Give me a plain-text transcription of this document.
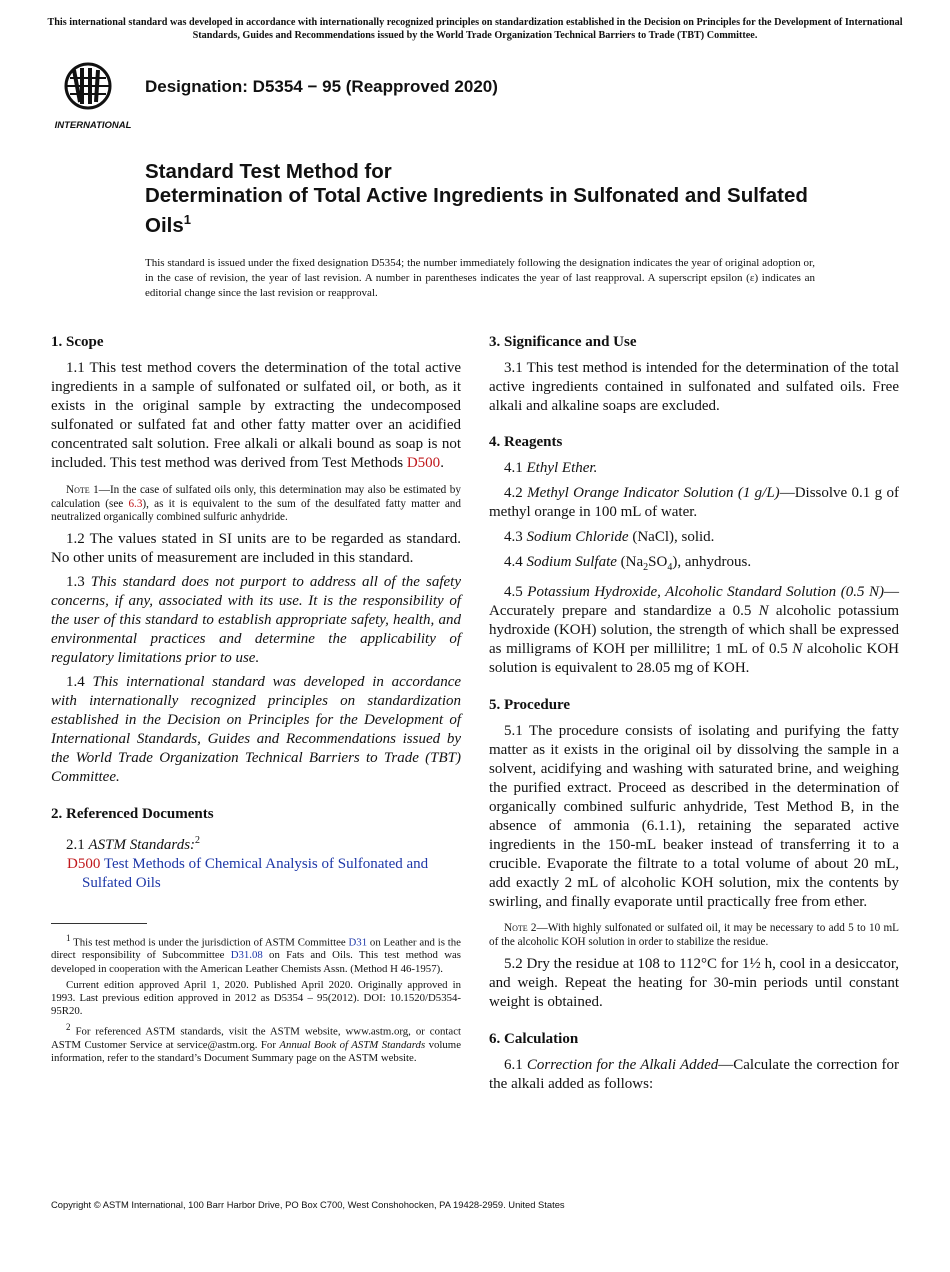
This international standard was developed in accordance with internationally recognized principles on standardization established in the Decision on Principles for the Development of International Standards, Guides and Recommendations issued by the World Trade Organization Technical Barriers to Trade (TBT) Committee.
INTERNATIONAL
Designation: D5354 − 95 (Reapproved 2020)
Standard Test Method for
Determination of Total Active Ingredients in Sulfonated and Sulfated Oils$^1$
This standard is issued under the fixed designation D5354; the number immediately following the designation indicates the year of original adoption or, in the case of revision, the year of last revision. A number in parentheses indicates the year of last reapproval. A superscript epsilon (ε) indicates an editorial change since the last revision or reapproval.
1. Scope

1.1 This test method covers the determination of the total active ingredients in a sample of sulfonated or sulfated oil, or both, as it exists in the original sample by extracting the undecomposed sulfonated or sulfated fat and other fatty matter over an acidified concentrated salt solution. Free alkali or alkali bound as soap is not included. This test method was derived from Test Methods D500.

Note 1—In the case of sulfated oils only, this determination may also be estimated by calculation (see 6.3), as it is equivalent to the sum of the desulfated fatty matter and neutralized organically combined sulfuric anhydride.

1.2 The values stated in SI units are to be regarded as standard. No other units of measurement are included in this standard.

1.3 This standard does not purport to address all of the safety concerns, if any, associated with its use. It is the responsibility of the user of this standard to establish appropriate safety, health, and environmental practices and determine the applicability of regulatory limitations prior to use.

1.4 This international standard was developed in accordance with internationally recognized principles on standardization established in the Decision on Principles for the Development of International Standards, Guides and Recommendations issued by the World Trade Organization Technical Barriers to Trade (TBT) Committee.

2. Referenced Documents

2.1 ASTM Standards:$^2$

D500 Test Methods of Chemical Analysis of Sulfonated and Sulfated Oils

$^1$ This test method is under the jurisdiction of ASTM Committee D31 on Leather and is the direct responsibility of Subcommittee D31.08 on Fats and Oils. This test method was developed in cooperation with the American Leather Chemists Assn. (Method H 46-1957).

Current edition approved April 1, 2020. Published April 2020. Originally approved in 1993. Last previous edition approved in 2012 as D5354 – 95(2012). DOI: 10.1520/D5354-95R20.

$^2$ For referenced ASTM standards, visit the ASTM website, www.astm.org, or contact ASTM Customer Service at service@astm.org. For Annual Book of ASTM Standards volume information, refer to the standard’s Document Summary page on the ASTM website.

3. Significance and Use

3.1 This test method is intended for the determination of the total active ingredients contained in sulfonated and sulfated oils. Free alkali and alkaline soaps are excluded.

4. Reagents

4.1 Ethyl Ether.

4.2 Methyl Orange Indicator Solution (1 g/L)—Dissolve 0.1 g of methyl orange in 100 mL of water.

4.3 Sodium Chloride (NaCl), solid.

4.4 Sodium Sulfate $(Na_2SO_4)$, anhydrous.

4.5 Potassium Hydroxide, Alcoholic Standard Solution (0.5 N)—Accurately prepare and standardize a 0.5 N alcoholic potassium hydroxide (KOH) solution, the strength of which shall be expressed as milligrams of KOH per millilitre; 1 mL of 0.5 N alcoholic KOH solution is equivalent to 28.05 mg of KOH.

5. Procedure

5.1 The procedure consists of isolating and purifying the fatty matter as it exists in the original oil by dissolving the sample in a solvent, acidifying and washing with saturated brine, and weighing the purified extract. Proceed as described in the determination of organically combined sulfuric anhydride, Test Method B, in the absence of ammonia (6.1.1), retaining the separated active ingredients in the 150-mL beaker instead of transferring it to a crucible. Evaporate the filtrate to a total volume of about 20 mL, add exactly 2 mL of alcoholic KOH solution, mix the contents by swirling, and finally evaporate until practically free from ether.

Note 2—With highly sulfonated or sulfated oil, it may be necessary to add 5 to 10 mL of the alcoholic KOH solution in order to stabilize the residue.

5.2 Dry the residue at 108 to 112°C for 1½ h, cool in a desiccator, and weigh. Repeat the heating for 30-min periods until constant weight is obtained.

6. Calculation

6.1 Correction for the Alkali Added—Calculate the correction for the alkali added as follows:

Copyright © ASTM International, 100 Barr Harbor Drive, PO Box C700, West Conshohocken, PA 19428-2959. United States
